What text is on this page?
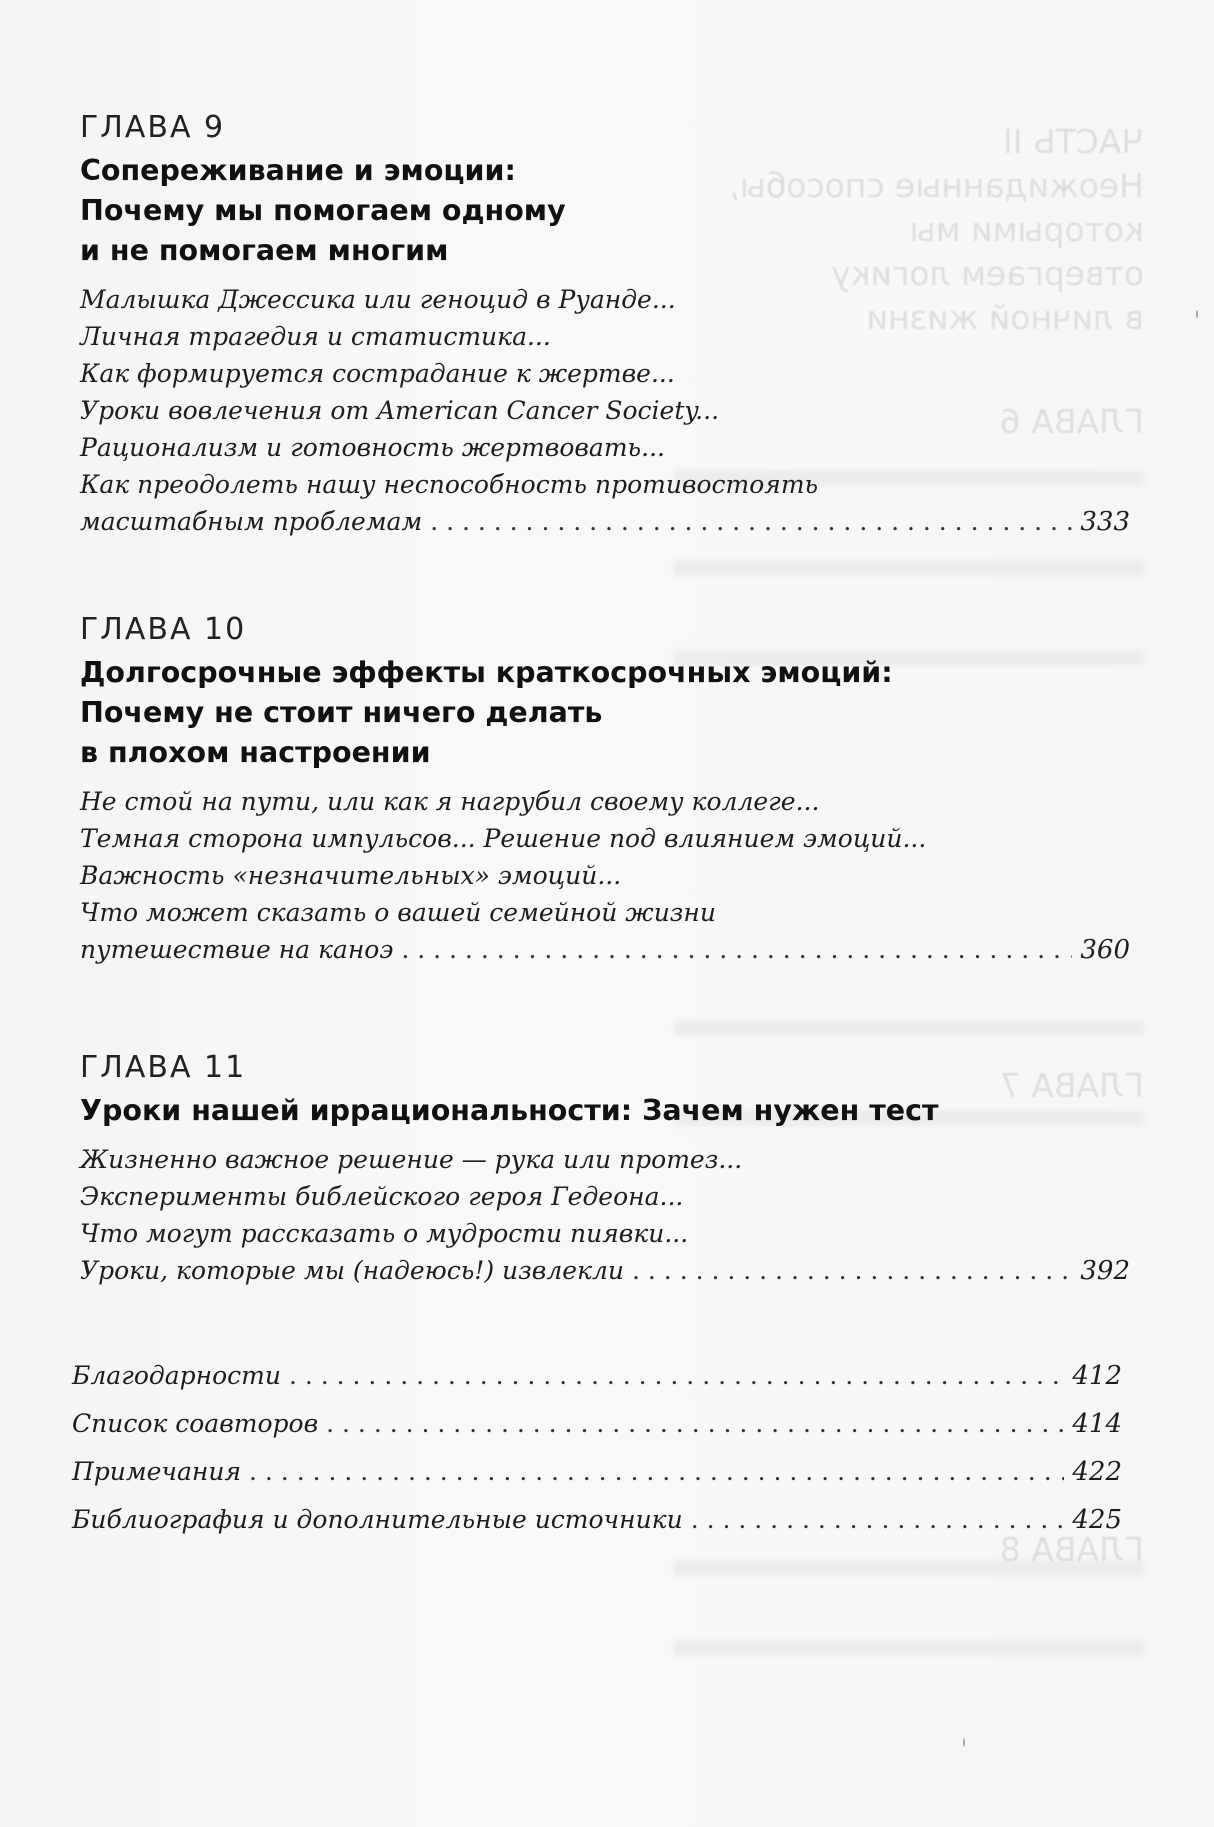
ЧАСТЬ II
Неожиданные способы,
которыми мы
отвергаем логику
в личной жизни
ГЛАВА 6
ГЛАВА 7
ГЛАВА 8
ГЛАВА 9
Сопереживание и эмоции:
Почему мы помогаем одному
и не помогаем многим
Малышка Джессика или геноцид в Руанде...
Личная трагедия и статистика...
Как формируется сострадание к жертве...
Уроки вовлечения от American Cancer Society...
Рационализм и готовность жертвовать...
Как преодолеть нашу неспособность противостоять
масштабным проблемам . . .	333
ГЛАВА 10
Долгосрочные эффекты краткосрочных эмоций:
Почему не стоит ничего делать
в плохом настроении
Не стой на пути, или как я нагрубил своему коллеге...
Темная сторона импульсов... Решение под влиянием эмоций...
Важность «незначительных» эмоций...
Что может сказать о вашей семейной жизни
путешествие на каноэ . . .	360
ГЛАВА 11
Уроки нашей иррациональности: Зачем нужен тест
Жизненно важное решение — рука или протез...
Эксперименты библейского героя Гедеона...
Что могут рассказать о мудрости пиявки...
Уроки, которые мы (надеюсь!) извлекли . . .	392
Благодарности . . .	412
Список соавторов . . .	414
Примечания . . .	422
Библиография и дополнительные источники . . .	425
